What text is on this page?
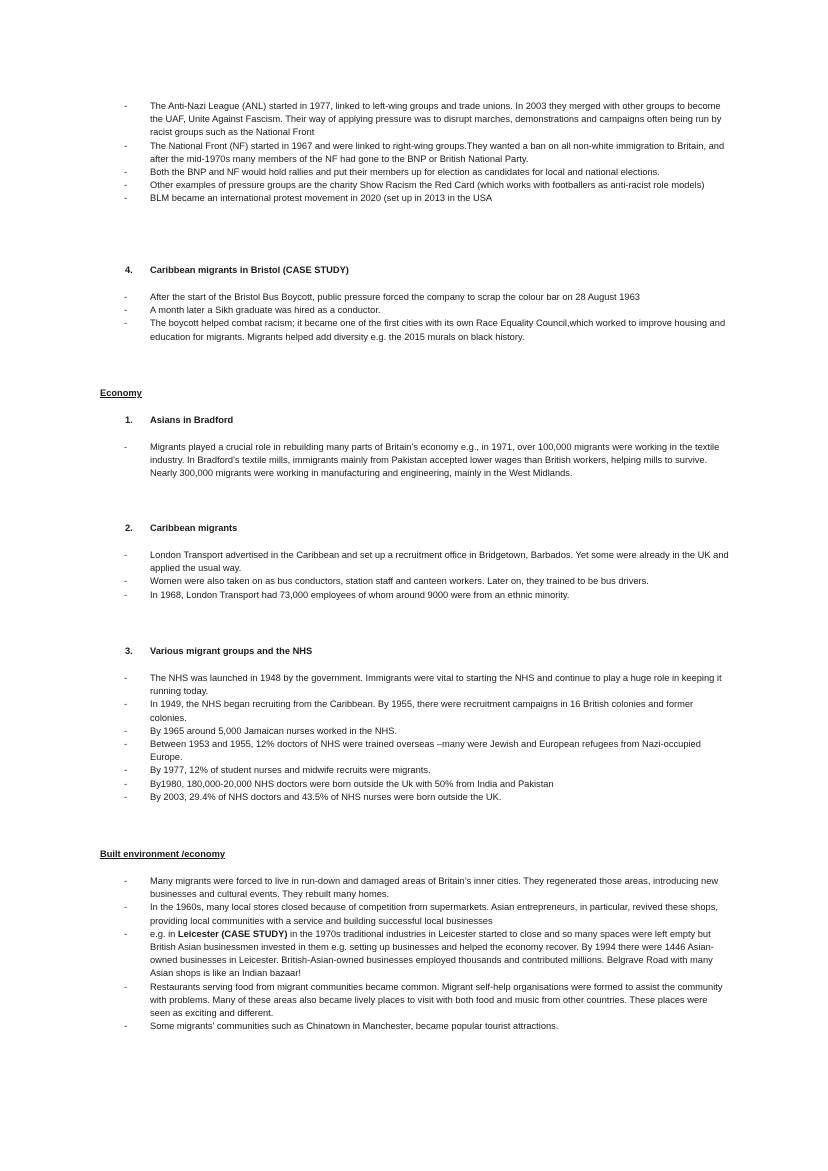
- The Anti-Nazi League (ANL) started in 1977, linked to left-wing groups and trade unions. In 2003 they merged with other groups to become the UAF, Unite Against Fascism. Their way of applying pressure was to disrupt marches, demonstrations and campaigns often being run by racist groups such as the National Front
- The National Front (NF) started in 1967 and were linked to right-wing groups.They wanted a ban on all non-white immigration to Britain, and after the mid-1970s many members of the NF had gone to the BNP or British National Party.
- Both the BNP and NF would hold rallies and put their members up for election as candidates for local and national elections.
- Other examples of pressure groups are the charity Show Racism the Red Card (which works with footballers as anti-racist role models)
- BLM became an international protest movement in 2020 (set up in 2013 in the USA
4. Caribbean migrants in Bristol (CASE STUDY)
- After the start of the Bristol Bus Boycott, public pressure forced the company to scrap the colour bar on 28 August 1963
- A month later a Sikh graduate was hired as a conductor.
- The boycott helped combat racism; it became one of the first cities with its own Race Equality Council,which worked to improve housing and education for migrants. Migrants helped add diversity e.g. the 2015 murals on black history.
Economy
1. Asians in Bradford
- Migrants played a crucial role in rebuilding many parts of Britain’s economy e.g., in 1971, over 100,000 migrants were working in the textile industry. In Bradford’s textile mills, immigrants mainly from Pakistan accepted lower wages than British workers, helping mills to survive. Nearly 300,000 migrants were working in manufacturing and engineering, mainly in the West Midlands.
2. Caribbean migrants
- London Transport advertised in the Caribbean and set up a recruitment office in Bridgetown, Barbados. Yet some were already in the UK and applied the usual way.
- Women were also taken on as bus conductors, station staff and canteen workers. Later on, they trained to be bus drivers.
- In 1968, London Transport had 73,000 employees of whom around 9000 were from an ethnic minority.
3. Various migrant groups and the NHS
- The NHS was launched in 1948 by the government. Immigrants were vital to starting the NHS and continue to play a huge role in keeping it running today.
- In 1949, the NHS began recruiting from the Caribbean. By 1955, there were recruitment campaigns in 16 British colonies and former colonies.
- By 1965 around 5,000 Jamaican nurses worked in the NHS.
- Between 1953 and 1955, 12% doctors of NHS were trained overseas –many were Jewish and European refugees from Nazi-occupied Europe.
- By 1977, 12% of student nurses and midwife recruits were migrants.
- By1980, 180,000-20,000 NHS doctors were born outside the Uk with 50% from India and Pakistan
- By 2003, 29.4% of NHS doctors and 43.5% of NHS nurses were born outside the UK.
Built environment /economy
- Many migrants were forced to live in run-down and damaged areas of Britain’s inner cities. They regenerated those areas, introducing new businesses and cultural events. They rebuilt many homes.
- In the 1960s, many local stores closed because of competition from supermarkets. Asian entrepreneurs, in particular, revived these shops, providing local communities with a service and building successful local businesses
- e.g. in Leicester (CASE STUDY) in the 1970s traditional industries in Leicester started to close and so many spaces were left empty but British Asian businessmen invested in them e.g. setting up businesses and helped the economy recover. By 1994 there were 1446 Asian-owned businesses in Leicester. British-Asian-owned businesses employed thousands and contributed millions. Belgrave Road with many Asian shops is like an Indian bazaar!
- Restaurants serving food from migrant communities became common. Migrant self-help organisations were formed to assist the community with problems. Many of these areas also became lively places to visit with both food and music from other countries. These places were seen as exciting and different.
- Some migrants’ communities such as Chinatown in Manchester, became popular tourist attractions.
